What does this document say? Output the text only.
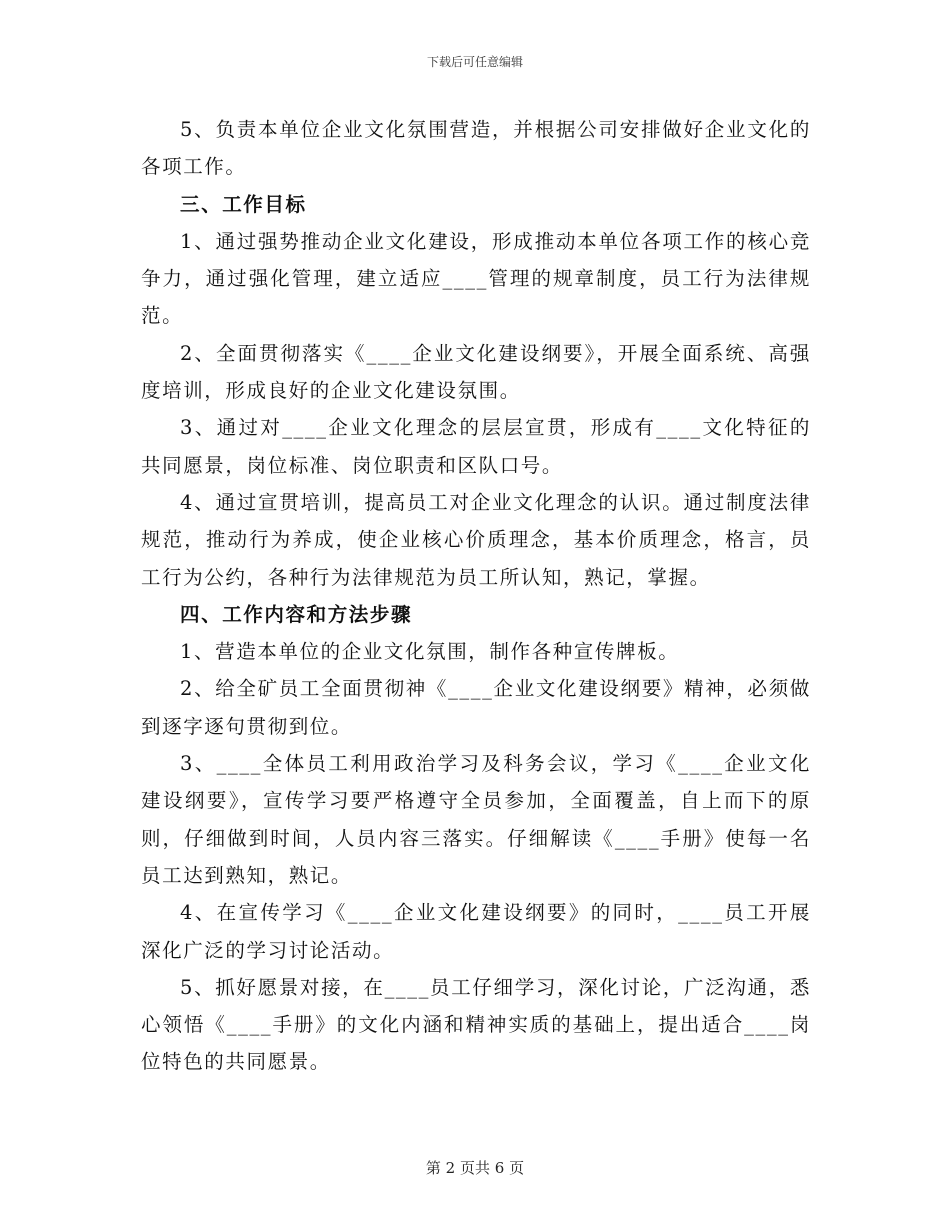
下载后可任意编辑

5、负责本单位企业文化氛围营造，并根据公司安排做好企业文化的各项工作。

三、工作目标

1、通过强势推动企业文化建设，形成推动本单位各项工作的核心竞争力，通过强化管理，建立适应____管理的规章制度，员工行为法律规范。

2、全面贯彻落实《____企业文化建设纲要》，开展全面系统、高强度培训，形成良好的企业文化建设氛围。

3、通过对____企业文化理念的层层宣贯，形成有____文化特征的共同愿景，岗位标准、岗位职责和区队口号。

4、通过宣贯培训，提高员工对企业文化理念的认识。通过制度法律规范，推动行为养成，使企业核心价质理念，基本价质理念，格言，员工行为公约，各种行为法律规范为员工所认知，熟记，掌握。

四、工作内容和方法步骤

1、营造本单位的企业文化氛围，制作各种宣传牌板。

2、给全矿员工全面贯彻神《____企业文化建设纲要》精神，必须做到逐字逐句贯彻到位。

3、____全体员工利用政治学习及科务会议，学习《____企业文化建设纲要》，宣传学习要严格遵守全员参加，全面覆盖，自上而下的原则，仔细做到时间，人员内容三落实。仔细解读《____手册》使每一名员工达到熟知，熟记。

4、在宣传学习《____企业文化建设纲要》的同时，____员工开展深化广泛的学习讨论活动。

5、抓好愿景对接，在____员工仔细学习，深化讨论，广泛沟通，悉心领悟《____手册》的文化内涵和精神实质的基础上，提出适合____岗位特色的共同愿景。

第 2 页共 6 页
